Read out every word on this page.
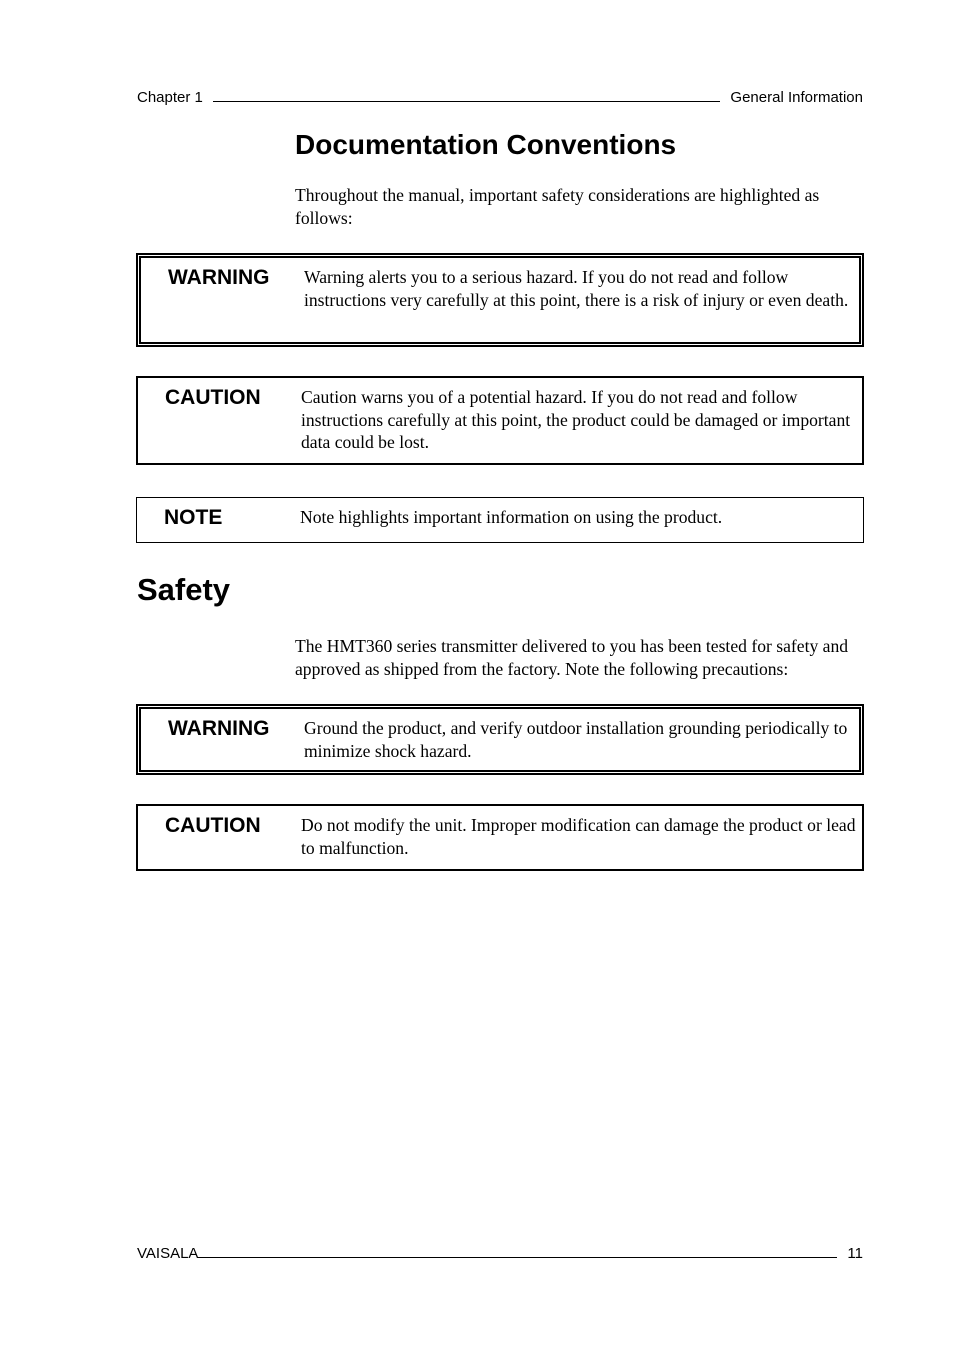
Chapter 1	General Information
Documentation Conventions

Throughout the manual, important safety considerations are highlighted as follows:

WARNING Warning alerts you to a serious hazard. If you do not read and follow instructions very carefully at this point, there is a risk of injury or even death.

CAUTION Caution warns you of a potential hazard. If you do not read and follow instructions carefully at this point, the product could be damaged or important data could be lost.

NOTE	Note highlights important information on using the product.

Safety

The HMT360 series transmitter delivered to you has been tested for safety and approved as shipped from the factory. Note the following precautions:

WARNING Ground the product, and verify outdoor installation grounding periodically to minimize shock hazard.

CAUTION Do not modify the unit. Improper modification can damage the product or lead to malfunction.

VAISALA	11
